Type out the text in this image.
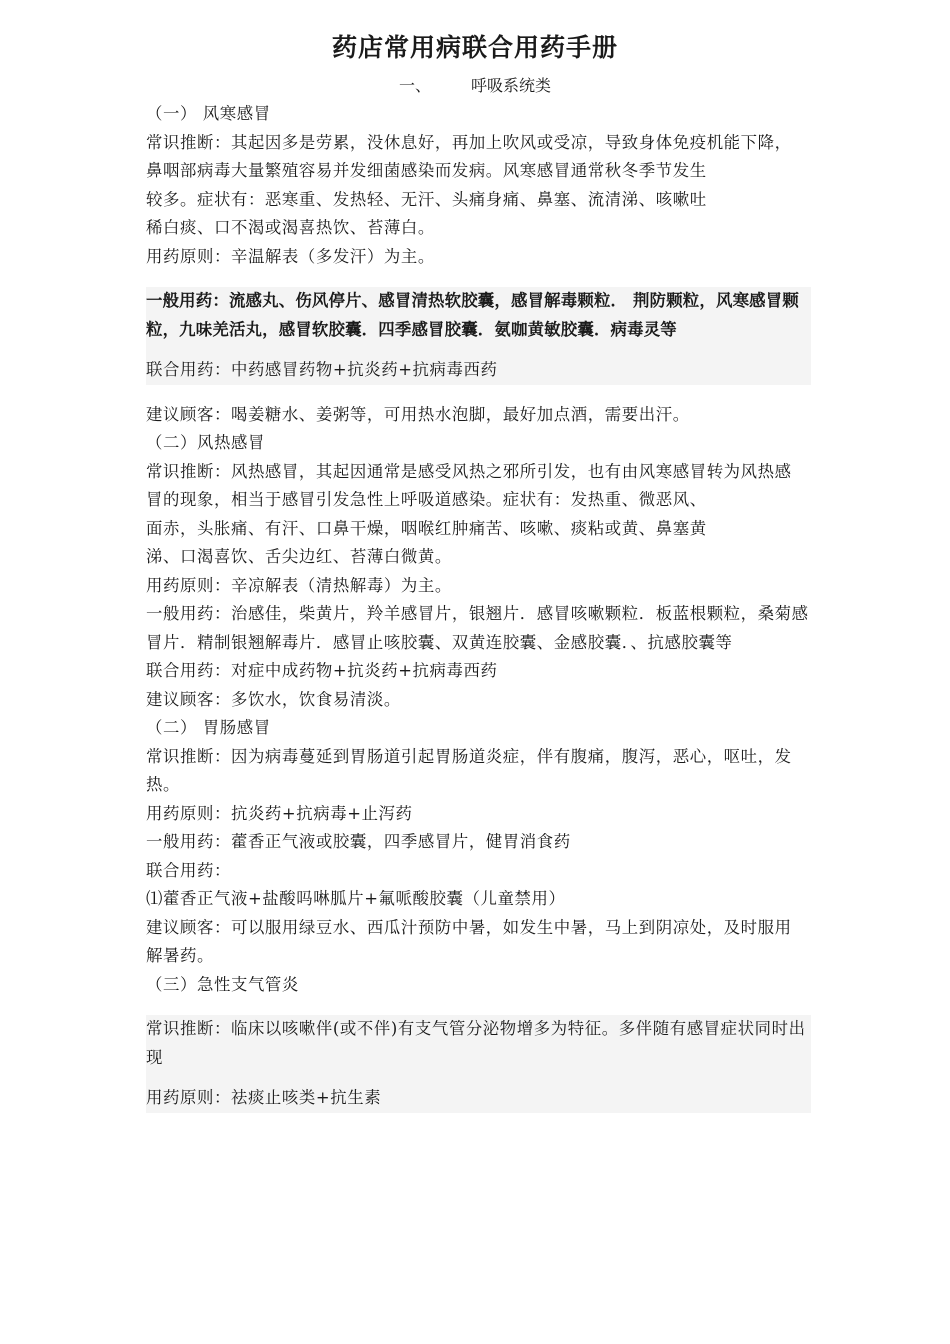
药店常用病联合用药手册
一、	呼吸系统类

（一） 风寒感冒

常识推断：其起因多是劳累，没休息好，再加上吹风或受凉，导致身体免疫机能下降，

鼻咽部病毒大量繁殖容易并发细菌感染而发病。风寒感冒通常秋冬季节发生

较多。症状有：恶寒重、发热轻、无汗、头痛身痛、鼻塞、流清涕、咳嗽吐

稀白痰、口不渴或渴喜热饮、苔薄白。

用药原则：辛温解表（多发汗）为主。

一般用药：流感丸、伤风停片、感冒清热软胶囊，感冒解毒颗粒． 荆防颗粒，风寒感冒颗粒，九味羌活丸，感冒软胶囊．四季感冒胶囊．氨咖黄敏胶囊．病毒灵等

联合用药：中药感冒药物+抗炎药+抗病毒西药

建议顾客：喝姜糖水、姜粥等，可用热水泡脚，最好加点酒，需要出汗。

（二）风热感冒

常识推断：风热感冒，其起因通常是感受风热之邪所引发，也有由风寒感冒转为风热感

冒的现象，相当于感冒引发急性上呼吸道感染。症状有：发热重、微恶风、

面赤，头胀痛、有汗、口鼻干燥，咽喉红肿痛苦、咳嗽、痰粘或黄、鼻塞黄

涕、口渴喜饮、舌尖边红、苔薄白微黄。

用药原则：辛凉解表（清热解毒）为主。

一般用药：治感佳，柴黄片，羚羊感冒片，银翘片．感冒咳嗽颗粒．板蓝根颗粒，桑菊感冒片．精制银翘解毒片．感冒止咳胶囊、双黄连胶囊、金感胶囊．、抗感胶囊等

联合用药：对症中成药物+抗炎药+抗病毒西药

建议顾客：多饮水，饮食易清淡。

（二） 胃肠感冒

常识推断：因为病毒蔓延到胃肠道引起胃肠道炎症，伴有腹痛，腹泻，恶心，呕吐，发

热。

用药原则：抗炎药+抗病毒+止泻药

一般用药：藿香正气液或胶囊，四季感冒片，健胃消食药

联合用药：

⑴藿香正气液+盐酸吗啉胍片+氟哌酸胶囊（儿童禁用）

建议顾客：可以服用绿豆水、西瓜汁预防中暑，如发生中暑，马上到阴凉处，及时服用

解暑药。

（三）急性支气管炎

常识推断：临床以咳嗽伴(或不伴)有支气管分泌物增多为特征。多伴随有感冒症状同时出现

用药原则：祛痰止咳类+抗生素
